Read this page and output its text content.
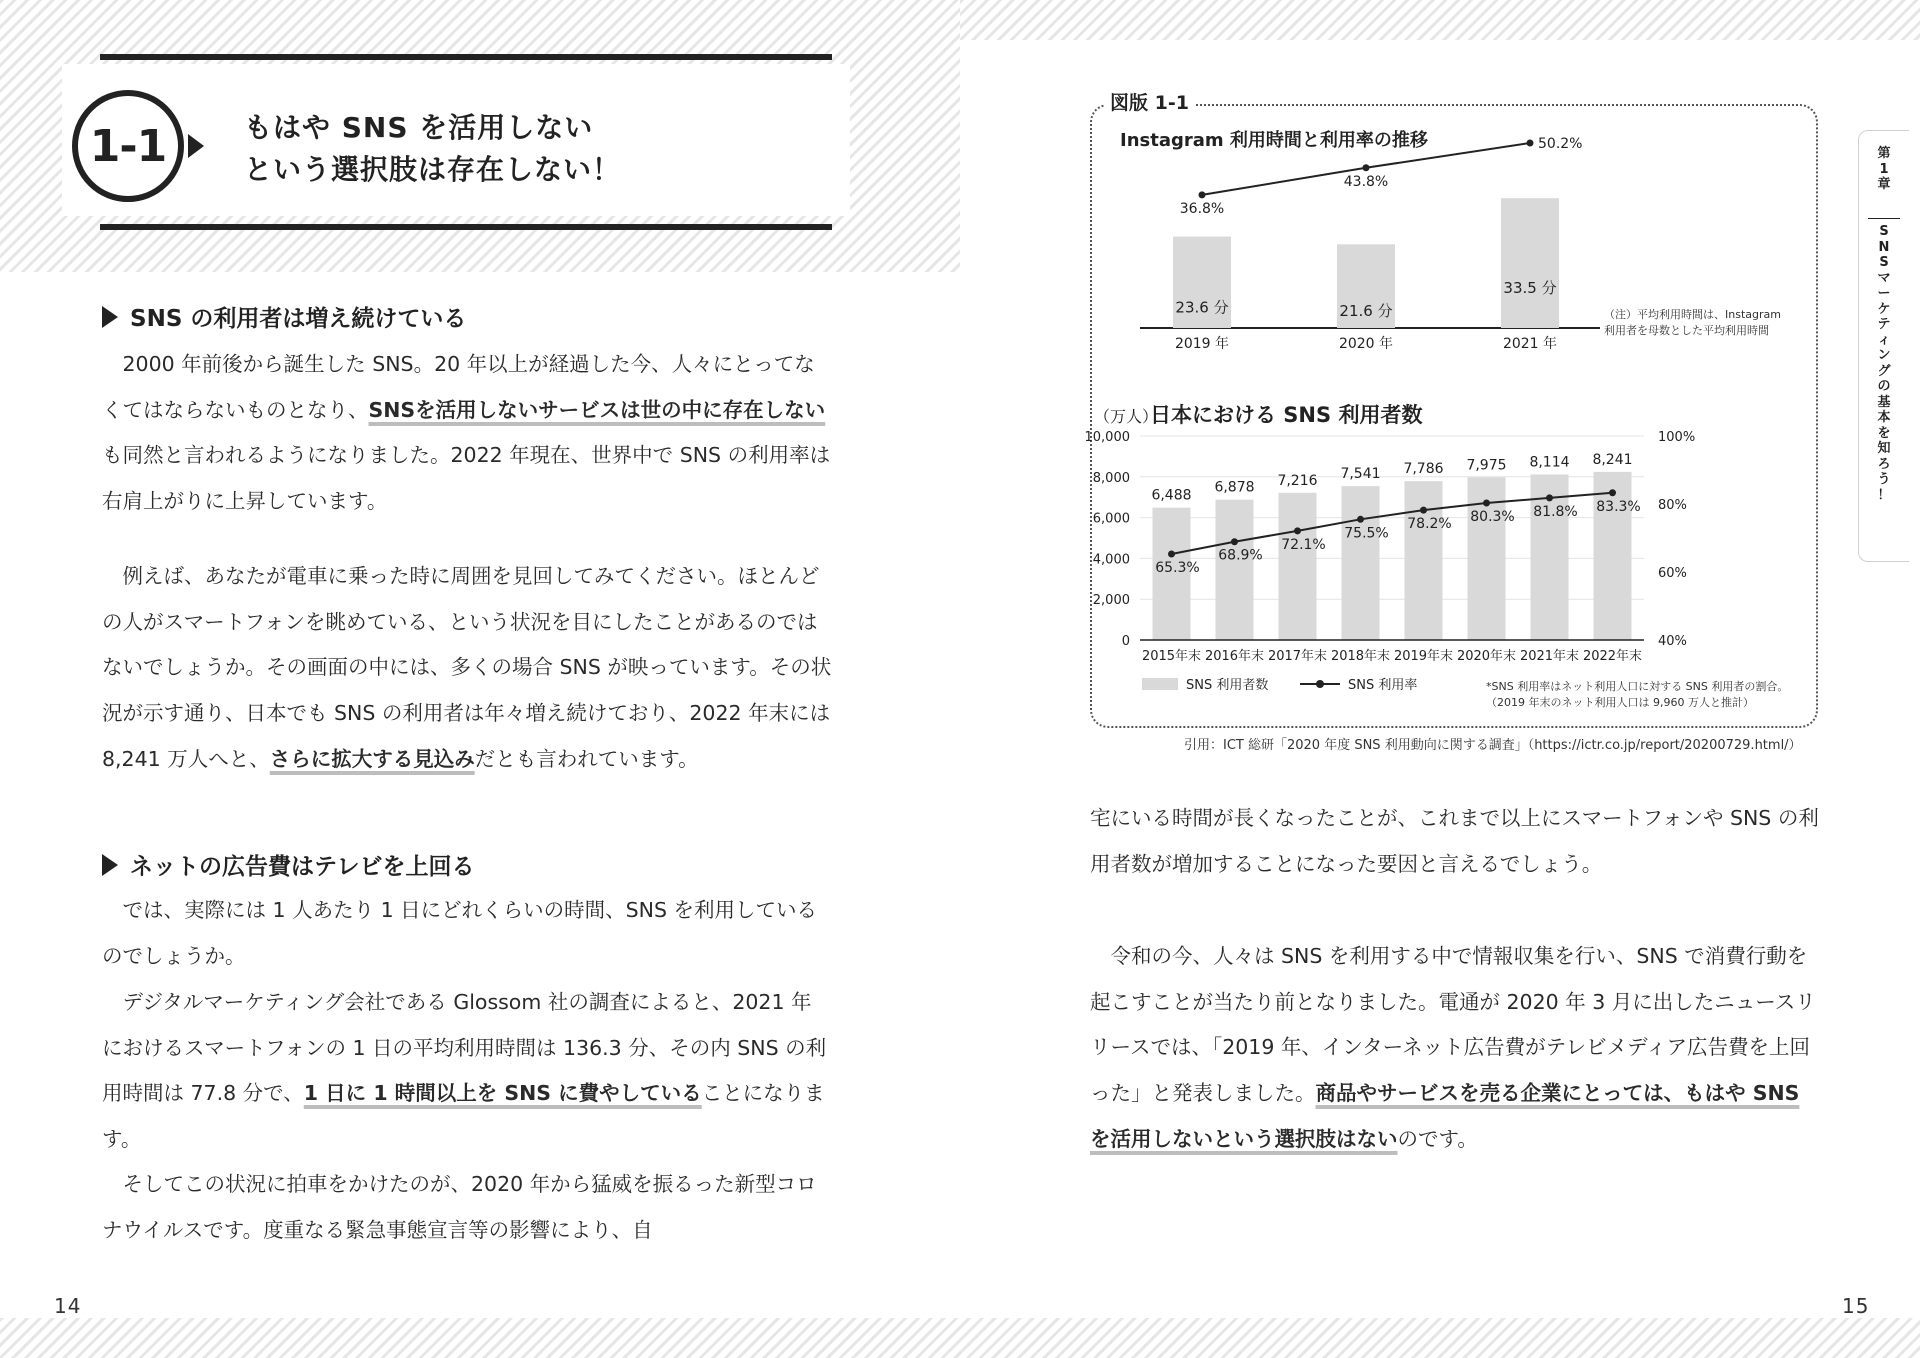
1-1	もはや SNS を活用しない
という選択肢は存在しない！
SNS の利用者は増え続けている

2000 年前後から誕生した SNS。20 年以上が経過した今、人々にとってなくてはならないものとなり、SNSを活用しないサービスは世の中に存在しないも同然と言われるようになりました。2022 年現在、世界中で SNS の利用率は右肩上がりに上昇しています。

例えば、あなたが電車に乗った時に周囲を見回してみてください。ほとんどの人がスマートフォンを眺めている、という状況を目にしたことがあるのではないでしょうか。その画面の中には、多くの場合 SNS が映っています。その状況が示す通り、日本でも SNS の利用者は年々増え続けており、2022 年末には 8,241 万人へと、さらに拡大する見込みだとも言われています。

ネットの広告費はテレビを上回る

では、実際には 1 人あたり 1 日にどれくらいの時間、SNS を利用しているのでしょうか。

デジタルマーケティング会社である Glossom 社の調査によると、2021 年におけるスマートフォンの 1 日の平均利用時間は 136.3 分、その内 SNS の利用時間は 77.8 分で、1 日に 1 時間以上を SNS に費やしていることになります。

そしてこの状況に拍車をかけたのが、2020 年から猛威を振るった新型コロナウイルスです。度重なる緊急事態宣言等の影響により、自

14
図版 1-1
Instagram 利用時間と利用率の推移
23.6 分
2019 年
21.6 分
2020 年
33.5 分
2021 年
36.8%
43.8%
50.2%
（注）平均利用時間は、Instagram
利用者を母数とした平均利用時間
（万人）
日本における SNS 利用者数
6,488
2015年末
6,878
2016年末
7,216
2017年末
7,541
2018年末
7,786
2019年末
7,975
2020年末
8,114
2021年末
8,241
2022年末
65.3%
68.9%
72.1%
75.5%
78.2% 80.3% 81.8% 83.3%
10,000
8,000
6,000
4,000
2,000
0
100%
80%
60%
40%
SNS 利用者数	SNS 利用率	*SNS 利用率はネット利用人口に対する SNS 利用者の割合。
（2019 年末のネット利用人口は 9,960 万人と推計）
引用：ICT 総研「2020 年度 SNS 利用動向に関する調査」（https://ictr.co.jp/report/20200729.html/）

宅にいる時間が長くなったことが、これまで以上にスマートフォンや SNS の利用者数が増加することになった要因と言えるでしょう。

令和の今、人々は SNS を利用する中で情報収集を行い、SNS で消費行動を起こすことが当たり前となりました。電通が 2020 年 3 月に出したニュースリリースでは、「2019 年、インターネット広告費がテレビメディア広告費を上回った」と発表しました。商品やサービスを売る企業にとっては、もはや SNS を活用しないという選択肢はないのです。

15
第
1
章
S
N
S
マ
ー
ケ
テ
ィ
ン
グ
の
基
本
を
知
ろ
う
！
